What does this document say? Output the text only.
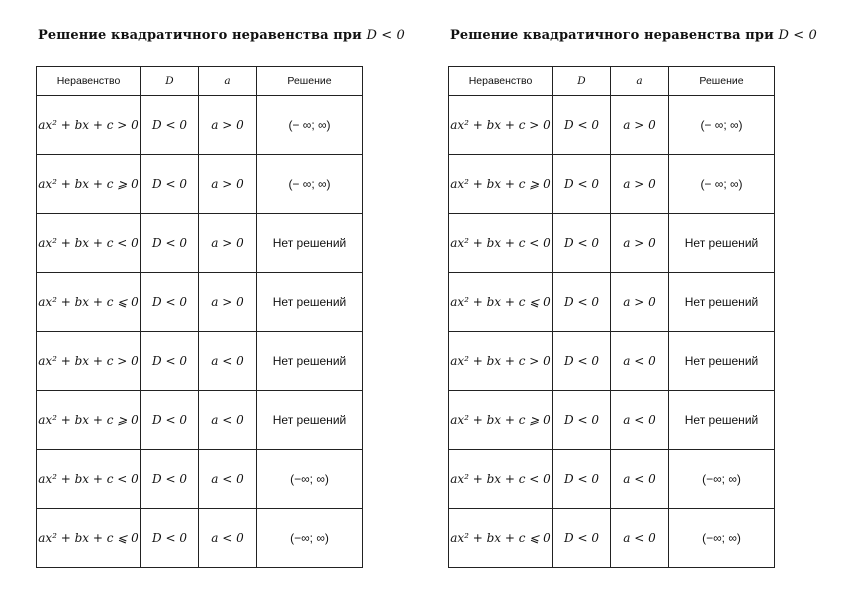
Решение квадратичного неравенства при D < 0
Неравенство	D	a	Решение
ax² + bx + c > 0	D < 0	a > 0	(− ∞; ∞)
ax² + bx + c ⩾ 0	D < 0	a > 0	(− ∞; ∞)
ax² + bx + c < 0	D < 0	a > 0	Нет решений
ax² + bx + c ⩽ 0	D < 0	a > 0	Нет решений
ax² + bx + c > 0	D < 0	a < 0	Нет решений
ax² + bx + c ⩾ 0	D < 0	a < 0	Нет решений
ax² + bx + c < 0	D < 0	a < 0	(−∞; ∞)
ax² + bx + c ⩽ 0	D < 0	a < 0	(−∞; ∞)
Решение квадратичного неравенства при D < 0
Неравенство	D	a	Решение
ax² + bx + c > 0	D < 0	a > 0	(− ∞; ∞)
ax² + bx + c ⩾ 0	D < 0	a > 0	(− ∞; ∞)
ax² + bx + c < 0	D < 0	a > 0	Нет решений
ax² + bx + c ⩽ 0	D < 0	a > 0	Нет решений
ax² + bx + c > 0	D < 0	a < 0	Нет решений
ax² + bx + c ⩾ 0	D < 0	a < 0	Нет решений
ax² + bx + c < 0	D < 0	a < 0	(−∞; ∞)
ax² + bx + c ⩽ 0	D < 0	a < 0	(−∞; ∞)
